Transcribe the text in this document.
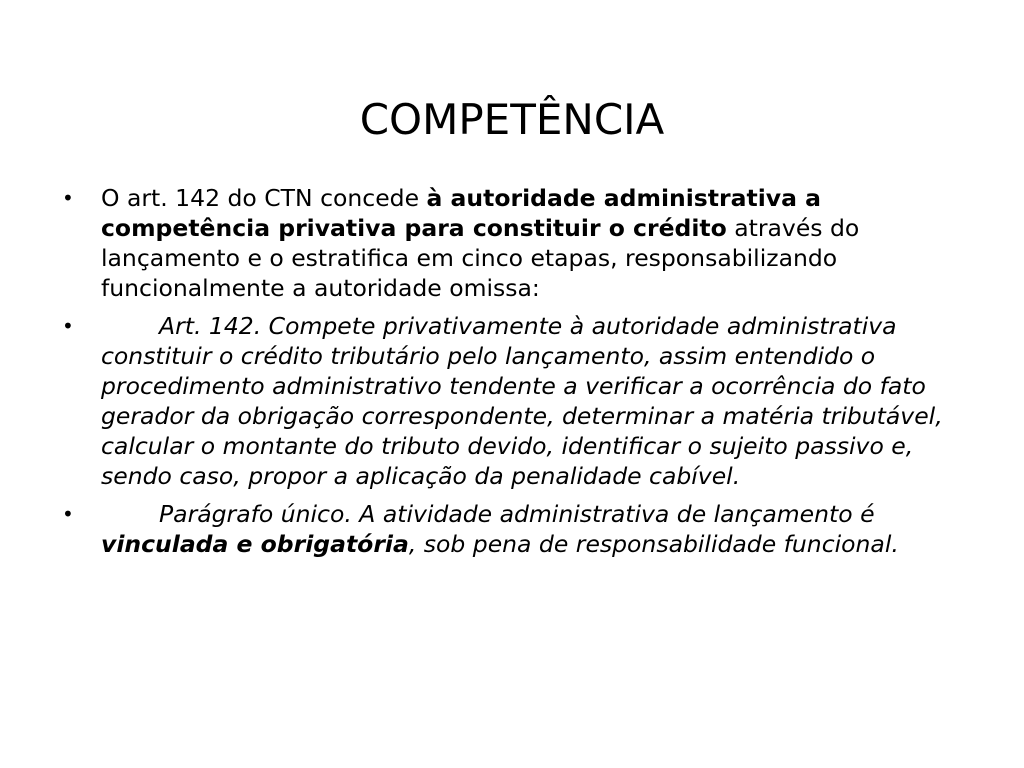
COMPETÊNCIA
• O art. 142 do CTN concede à autoridade administrativa a competência privativa para constituir o crédito através do lançamento e o estratifica em cinco etapas, responsabilizando funcionalmente a autoridade omissa:
•	Art. 142. Compete privativamente à autoridade administrativa constituir o crédito tributário pelo lançamento, assim entendido o procedimento administrativo tendente a verificar a ocorrência do fato gerador da obrigação correspondente, determinar a matéria tributável, calcular o montante do tributo devido, identificar o sujeito passivo e, sendo caso, propor a aplicação da penalidade cabível.
•	Parágrafo único. A atividade administrativa de lançamento é vinculada e obrigatória, sob pena de responsabilidade funcional.
